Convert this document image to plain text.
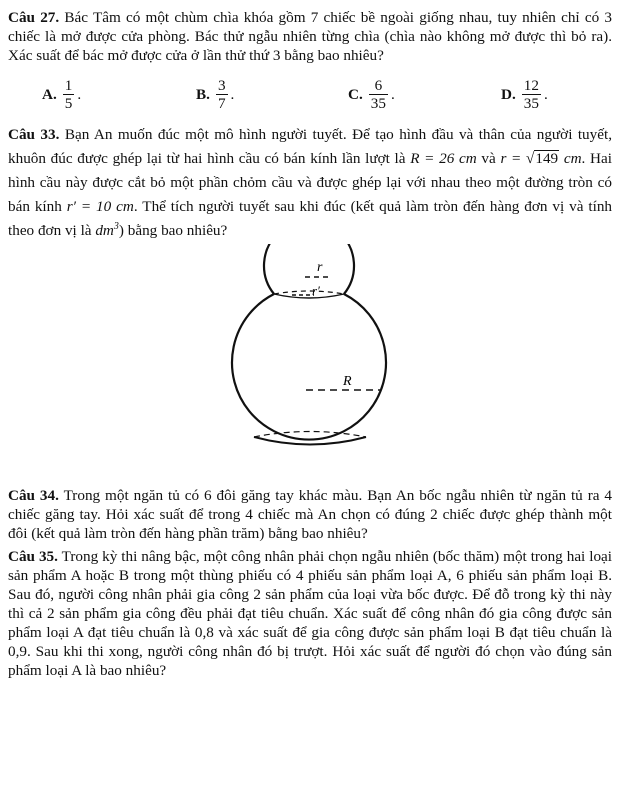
Câu 27. Bác Tâm có một chùm chìa khóa gồm 7 chiếc bề ngoài giống nhau, tuy nhiên chỉ có 3 chiếc là mở được cửa phòng. Bác thử ngẫu nhiên từng chìa (chìa nào không mở được thì bỏ ra). Xác suất để bác mở được cửa ở lần thử thứ 3 bằng bao nhiêu?

A. $\frac{1}{5}$ .	B. $\frac{3}{7}$ .	C. $\frac{6}{35}$ .	D. $\frac{12}{35}$ .

Câu 33. Bạn An muốn đúc một mô hình người tuyết. Để tạo hình đầu và thân của người tuyết, khuôn đúc được ghép lại từ hai hình cầu có bán kính lần lượt là R = 26 cm và r = √149 cm. Hai hình cầu này được cắt bỏ một phần chỏm cầu và được ghép lại với nhau theo một đường tròn có bán kính r′ = 10 cm. Thể tích người tuyết sau khi đúc (kết quả làm tròn đến hàng đơn vị và tính theo đơn vị là $dm^3$) bằng bao nhiêu?

r
r′
R

Câu 34. Trong một ngăn tủ có 6 đôi găng tay khác màu. Bạn An bốc ngẫu nhiên từ ngăn tủ ra 4 chiếc găng tay. Hỏi xác suất để trong 4 chiếc mà An chọn có đúng 2 chiếc được ghép thành một đôi (kết quả làm tròn đến hàng phần trăm) bằng bao nhiêu?

Câu 35. Trong kỳ thi nâng bậc, một công nhân phải chọn ngẫu nhiên (bốc thăm) một trong hai loại sản phẩm A hoặc B trong một thùng phiếu có 4 phiếu sản phẩm loại A, 6 phiếu sản phẩm loại B. Sau đó, người công nhân phải gia công 2 sản phẩm của loại vừa bốc được. Để đỗ trong kỳ thi này thì cả 2 sản phẩm gia công đều phải đạt tiêu chuẩn. Xác suất để công nhân đó gia công được sản phẩm loại A đạt tiêu chuẩn là 0,8 và xác suất để gia công được sản phẩm loại B đạt tiêu chuẩn là 0,9. Sau khi thi xong, người công nhân đó bị trượt. Hỏi xác suất để người đó chọn vào đúng sản phẩm loại A là bao nhiêu?
